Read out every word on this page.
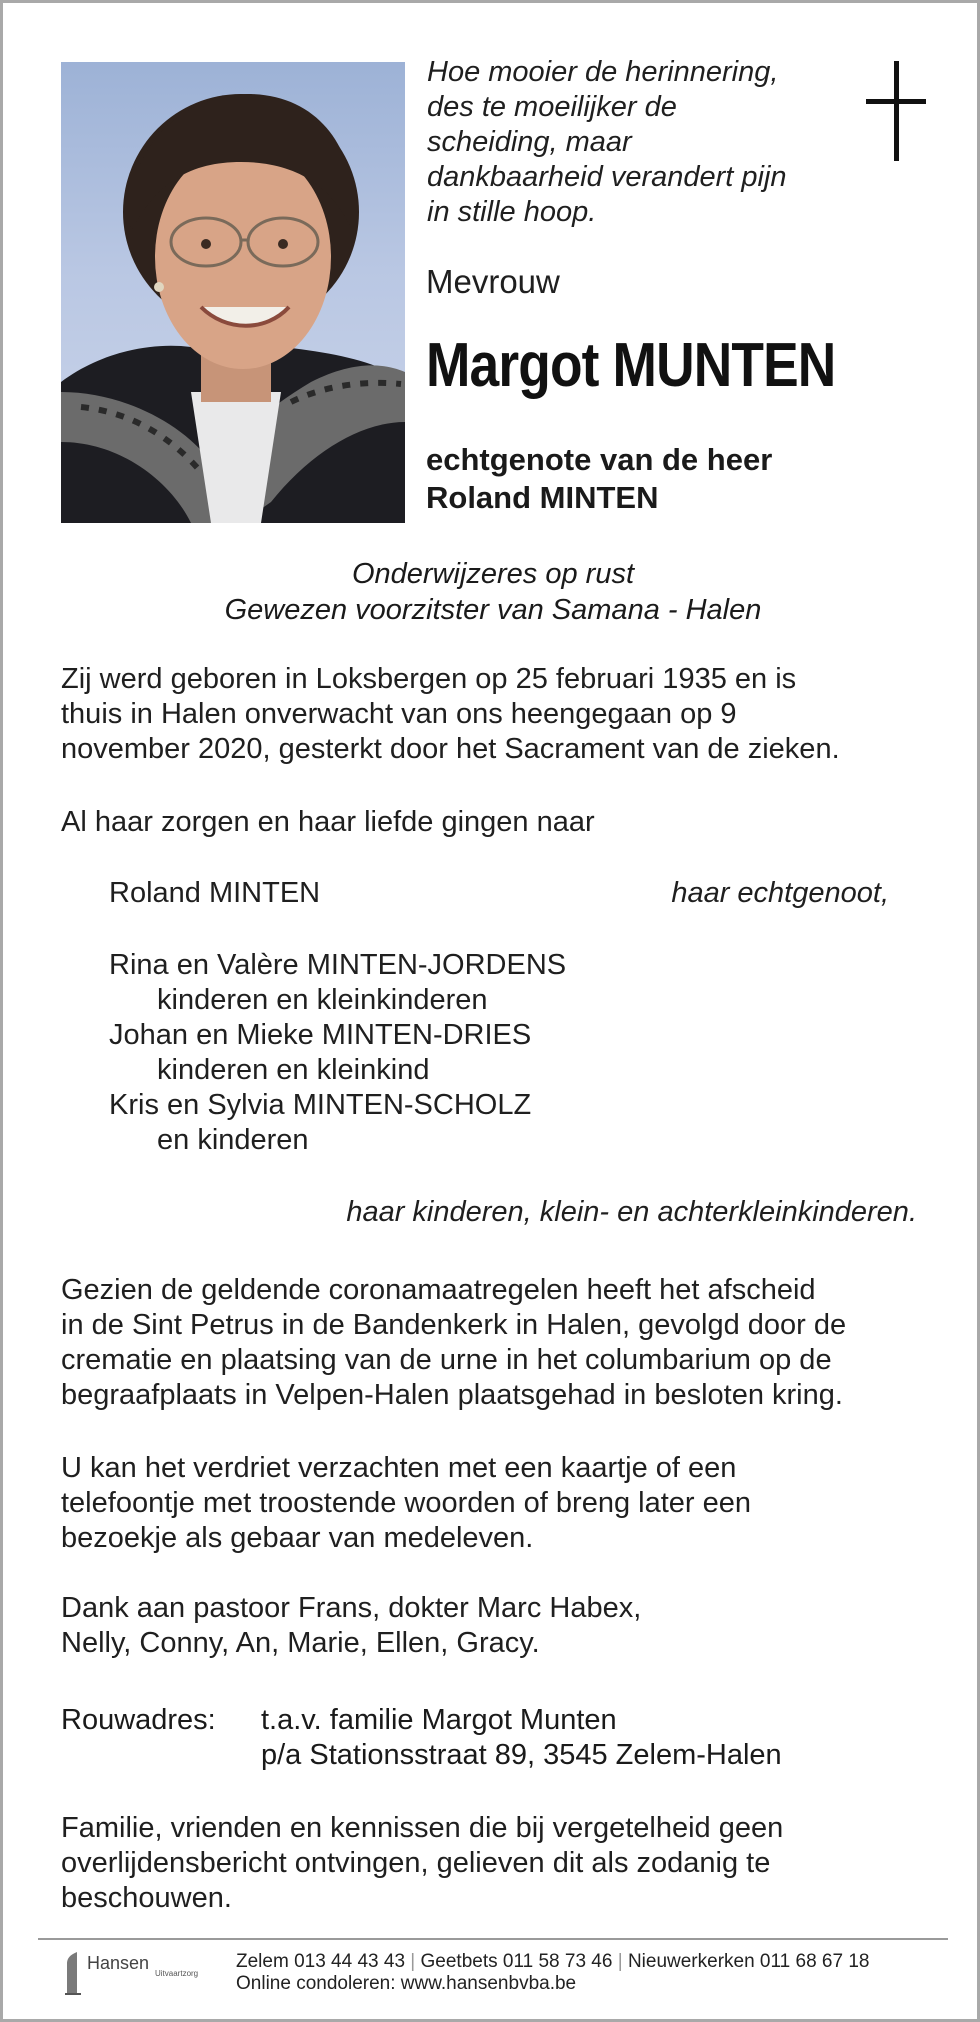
Hoe mooier de herinnering,
des te moeilijker de
scheiding, maar
dankbaarheid verandert pijn
in stille hoop.
Mevrouw
Margot MUNTEN
echtgenote van de heer
Roland MINTEN
Onderwijzeres op rust
Gewezen voorzitster van Samana - Halen
Zij werd geboren in Loksbergen op 25 februari 1935 en is
thuis in Halen onverwacht van ons heengegaan op 9
november 2020, gesterkt door het Sacrament van de zieken.
Al haar zorgen en haar liefde gingen naar
Roland MINTEN	haar echtgenoot,
Rina en Valère MINTEN-JORDENS
kinderen en kleinkinderen
Johan en Mieke MINTEN-DRIES
kinderen en kleinkind
Kris en Sylvia MINTEN-SCHOLZ
en kinderen
haar kinderen, klein- en achterkleinkinderen.
Gezien de geldende coronamaatregelen heeft het afscheid
in de Sint Petrus in de Bandenkerk in Halen, gevolgd door de
crematie en plaatsing van de urne in het columbarium op de
begraafplaats in Velpen-Halen plaatsgehad in besloten kring.
U kan het verdriet verzachten met een kaartje of een
telefoontje met troostende woorden of breng later een
bezoekje als gebaar van medeleven.
Dank aan pastoor Frans, dokter Marc Habex,
Nelly, Conny, An, Marie, Ellen, Gracy.
Rouwadres: t.a.v. familie Margot Munten
p/a Stationsstraat 89, 3545 Zelem-Halen
Familie, vrienden en kennissen die bij vergetelheid geen
overlijdensbericht ontvingen, gelieven dit als zodanig te
beschouwen.
Hansen
Uitvaartzorg
Zelem 013 44 43 43 | Geetbets 011 58 73 46 | Nieuwerkerken 011 68 67 18
Online condoleren: www.hansenbvba.be
